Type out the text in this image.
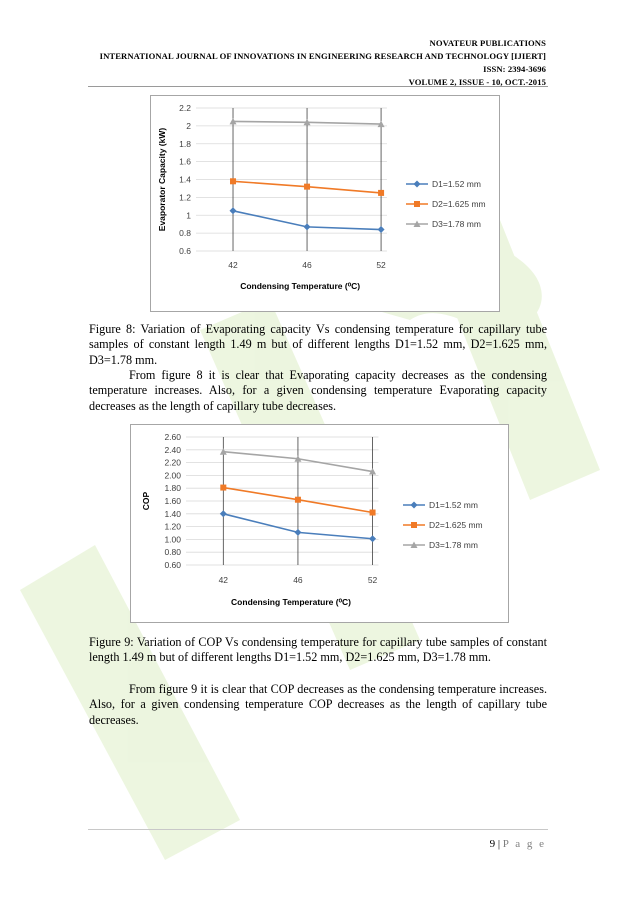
NOVATEUR PUBLICATIONS
INTERNATIONAL JOURNAL OF INNOVATIONS IN ENGINEERING RESEARCH AND TECHNOLOGY [IJIERT]
ISSN: 2394-3696
VOLUME 2, ISSUE - 10, OCT.-2015
0.6
0.8
1
1.2
1.4
1.6
1.8
2
2.2
42	46	52
Evaporator Capacity (kW)
Condensing Temperature (⁰C)
D1=1.52 mm
D2=1.625 mm
D3=1.78 mm
Figure 8: Variation of Evaporating capacity Vs condensing temperature for capillary tube samples of constant length 1.49 m but of different lengths D1=1.52 mm, D2=1.625 mm, D3=1.78 mm.
From figure 8 it is clear that Evaporating capacity decreases as the condensing temperature increases. Also, for a given condensing temperature Evaporating capacity decreases as the length of capillary tube decreases.
0.60
0.80
1.00
1.20
1.40
1.60
1.80
2.00
2.20
2.40
2.60
42	46	52
COP
Condensing Temperature (⁰C)
D1=1.52 mm
D2=1.625 mm
D3=1.78 mm
Figure 9: Variation of COP Vs condensing temperature for capillary tube samples of constant length 1.49 m but of different lengths D1=1.52 mm, D2=1.625 mm, D3=1.78 mm.
From figure 9 it is clear that COP decreases as the condensing temperature increases. Also, for a given condensing temperature COP decreases as the length of capillary tube decreases.
9 | P a g e
